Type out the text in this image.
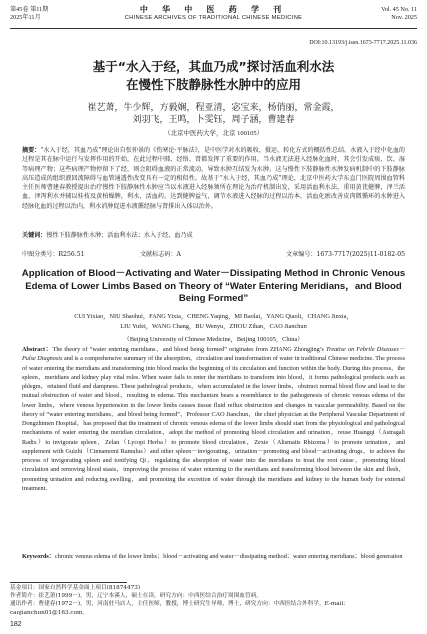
第45卷 第11期
2025年11月
中 华 中 医 药 学 刊
CHINESE ARCHIVES OF TRADITIONAL CHINESE MEDICINE
Vol. 45 No. 11
Nov. 2025
DOI:10.13193/j.issn.1673-7717.2025.11.036
基于“水入于经，其血乃成”探讨活血利水法
在慢性下肢静脉性水肿中的应用
崔艺萧，牛少辉，方毅娴，程亚清，宓宝来，杨俏丽，常金霞，
刘羽飞，王鸣，卜雯钰，周子涵，曹建春
（北京中医药大学，北京 100105）
摘要：“水入于经，其血乃成”理论出自张仲景的《伤寒论·平脉法》，是中医学对水的吸收、摄运、转化方式的概括性总结。水液入于经中化血的过程是其在脉中运行与发挥作用的开始，在此过程中肺、经络、肾都发挥了重要的作用。当水液无法进入经脉化血时，其会引发成痰、饮、湿等病理产物；这些病理产物停留下了经，则会阻碍血液的正常流动，导致水肿互结发为水肿。这与慢性下肢静脉性水肿发病机制中的下肢静脉高压造成的组织液回流障碍与血管通透性改变具有一定的相似性。故基于“水入于经，其血乃成”理论，北京中医药大学东直门医院周围血管科主任医师曹建春教授提出治疗慢性下肢静脉性水肿应当以水液进入经脉须所在理论为治疗机制出发，采用活血利水法，重用黄芪健脾，泽兰活血，泽泻利水并辅以桂枝及黄柏燥脾，利水，活血药。达到健脾益气，调节水液进入经脉的过程以治本，活血化瘀改善皮肉微循环的水肿进入经脉化血的过程以治内，利水消肿促进水液循经脉与肾排出入体以治外。
关键词：慢性下肢静脉性水肿；活血利水法；水入于经，血乃成
中图分类号：R256.51	文献标志码：A	文章编号：1673-7717(2025)11-0182-05
Application of Blood－Activating and Water－Dissipating Method in Chronic Venous Edema of Lower Limbs Based on Theory of “Water Entering Meridians，and Blood Being Formed”
CUI Yixiao，NIU Shaohui，FANG Yixia，CHENG Yaqing，MI Baolai，YANG Qiaoli，CHANG Jinxia，
LIU Yufei，WANG Chang，BU Wenyu，ZHOU Zihan，CAO Jianchun
（Beijing University of Chinese Medicine，Beijing 100105，China）
Abstract：The theory of “water entering meridians，and blood being formed” originates from ZHANG Zhongjing’s Treatise on Febrile Diseases－Pulse Diagnosis and is a comprehensive summary of the absorption，circulation and transformation of water in traditional Chinese medicine. The process of water entering the meridians and transforming into blood marks the beginning of its circulation and function within the body. During this process，the spleen，meridians and kidney play vital roles. When water fails to enter the meridians to transform into blood，it forms pathological products such as phlegm，retained fluid and dampness. These pathological products，when accumulated in the lower limbs，obstruct normal blood flow and lead to the mutual obstruction of water and blood，resulting in edema. This mechanism bears a resemblance to the pathogenesis of chronic venous edema of the lower limbs，where venous hypertension in the lower limbs causes tissue fluid reflux obstruction and changes in vascular permeability. Based on the theory of “water entering meridians，and blood being formed”，Professor CAO Jianchun，the chief physician at the Peripheral Vascular Department of Dongzhimen Hospital，has proposed that the treatment of chronic venous edema of the lower limbs should start from the physiological and pathological mechanisms of water entering the meridian circulation，adopt the method of promoting blood circulation and urination，reuse Huangqi（Astragali Radix）to invigorate spleen，Zelan（Lycopi Herba）to promote blood circulation，Zexie（Alismatis Rhizoma）to promote urination，and supplement with Guizhi（Cinnamomi Ramulus）and other spleen－invigorating，urination－promoting and blood－activating drugs，to achieve the process of invigorating spleen and tonifying Qi，regulating the absorption of water into the meridians to treat the root cause，promoting blood circulation and removing blood stasis，improving the process of water returning to the meridians and transforming blood between the skin and flesh，promoting urination and reducing swelling，and promoting the excretion of water through the meridians and kidney to the human body for external treatment.
Keywords：chronic venous edema of the lower limbs；blood－activating and water－dissipating method；water entering meridians；blood generation
基金项目：国家自然科学基金面上项目(81874473)
作者简介：崔艺萧(1999－)，男，辽宁本溪人，硕士在读，研究方向：中西医结合治疗周围血管病。
通讯作者：曹建春(1972－)，男，河南驻马店人，主任医师，教授，博士研究生导师，博士，研究方向：中西医结合外科学。E-mail：caojianchun01@163.com。
182
